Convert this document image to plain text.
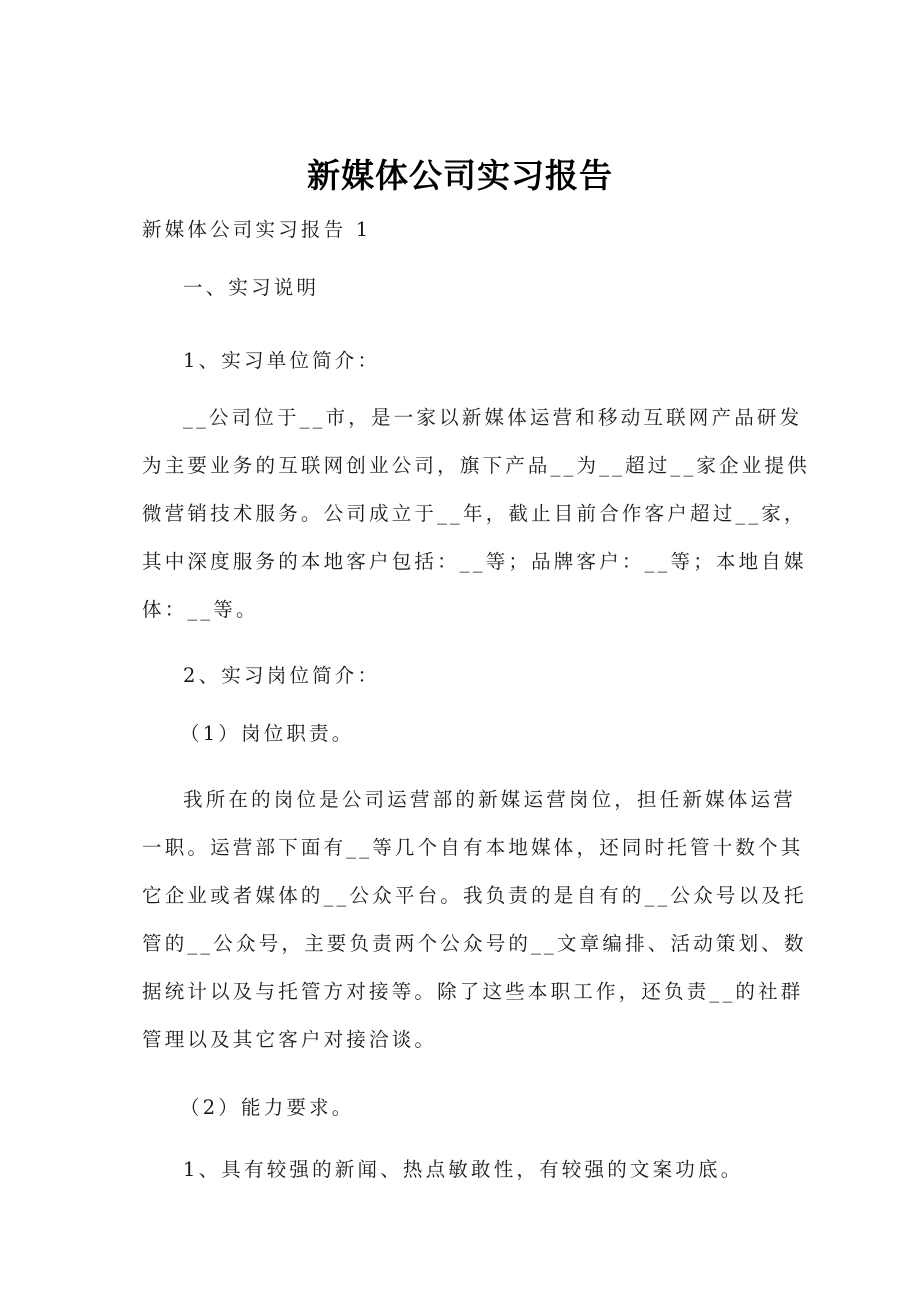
新媒体公司实习报告
新媒体公司实习报告 1
一、实习说明
1、实习单位简介：
__公司位于__市，是一家以新媒体运营和移动互联网产品研发
为主要业务的互联网创业公司，旗下产品__为__超过__家企业提供
微营销技术服务。公司成立于__年，截止目前合作客户超过__家，
其中深度服务的本地客户包括：__等；品牌客户：__等；本地自媒
体：__等。
2、实习岗位简介：
（1）岗位职责。
我所在的岗位是公司运营部的新媒运营岗位，担任新媒体运营
一职。运营部下面有__等几个自有本地媒体，还同时托管十数个其
它企业或者媒体的__公众平台。我负责的是自有的__公众号以及托
管的__公众号，主要负责两个公众号的__文章编排、活动策划、数
据统计以及与托管方对接等。除了这些本职工作，还负责__的社群
管理以及其它客户对接洽谈。
（2）能力要求。
1、具有较强的新闻、热点敏敢性，有较强的文案功底。
